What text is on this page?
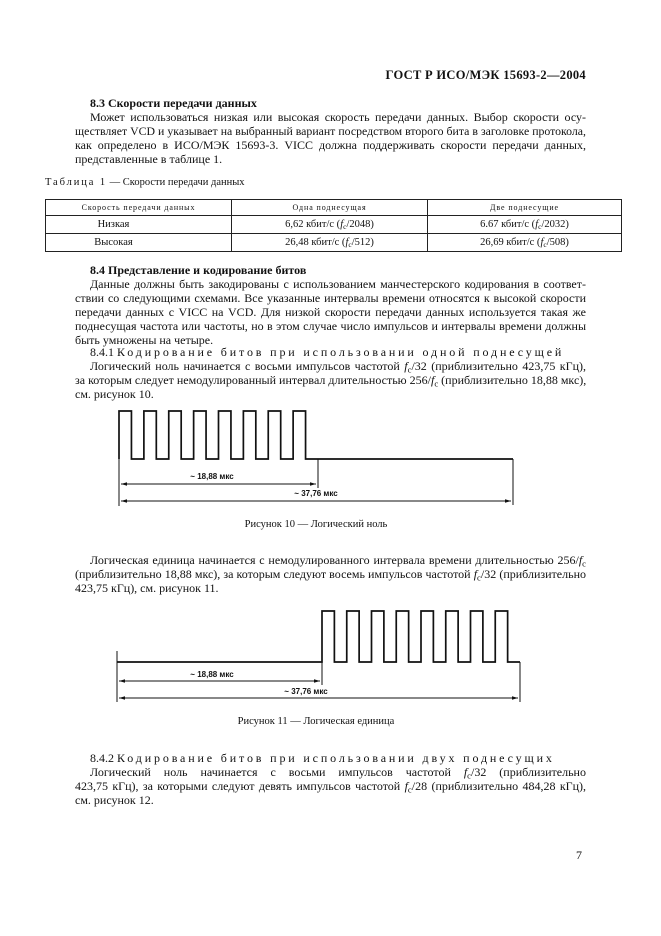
ГОСТ Р ИСО/МЭК 15693-2—2004
8.3 Скорости передачи данных
Может использоваться низкая или высокая скорость передачи данных. Выбор скорости осу-
ществляет VCD и указывает на выбранный вариант посредством второго бита в заголовке протокола,
как определено в ИСО/МЭК 15693-3. VICC должна поддерживать скорости передачи данных,
представленные в таблице 1.
Таблица 1 — Скорости передачи данных
Скорость передачи данных	Одна поднесущая	Две поднесущие
Низкая	6,62 кбит/с $(f_c/2048)$	6.67 кбит/с $(f_c/2032)$
Высокая	26,48 кбит/с $(f_c/512)$	26,69 кбит/с $(f_c/508)$
8.4 Представление и кодирование битов
Данные должны быть закодированы с использованием манчестерского кодирования в соответ-
ствии со следующими схемами. Все указанные интервалы времени относятся к высокой скорости
передачи данных с VICC на VCD. Для низкой скорости передачи данных используется такая же
поднесущая частота или частоты, но в этом случае число импульсов и интервалы времени должны
быть умножены на четыре.
8.4.1 Кодирование битов при использовании одной поднесущей
Логический ноль начинается с восьми импульсов частотой $f_c/32$ (приблизительно 423,75 кГц),
за которым следует немодулированный интервал длительностью $256/f_c$ (приблизительно 18,88 мкс),
см. рисунок 10.
~ 18,88 мкс
~ 37,76 мкс
Рисунок 10 — Логический ноль
Логическая единица начинается с немодулированного интервала времени длительностью $256/f_c$
(приблизительно 18,88 мкс), за которым следуют восемь импульсов частотой $f_c/32$ (приблизительно
423,75 кГц), см. рисунок 11.
~ 18,88 мкс
~ 37,76 мкс
Рисунок 11 — Логическая единица
8.4.2 Кодирование битов при использовании двух поднесущих
Логический ноль начинается с восьми импульсов частотой $f_c/32$ (приблизительно
423,75 кГц), за которыми следуют девять импульсов частотой $f_c/28$ (приблизительно 484,28 кГц),
см. рисунок 12.
7
